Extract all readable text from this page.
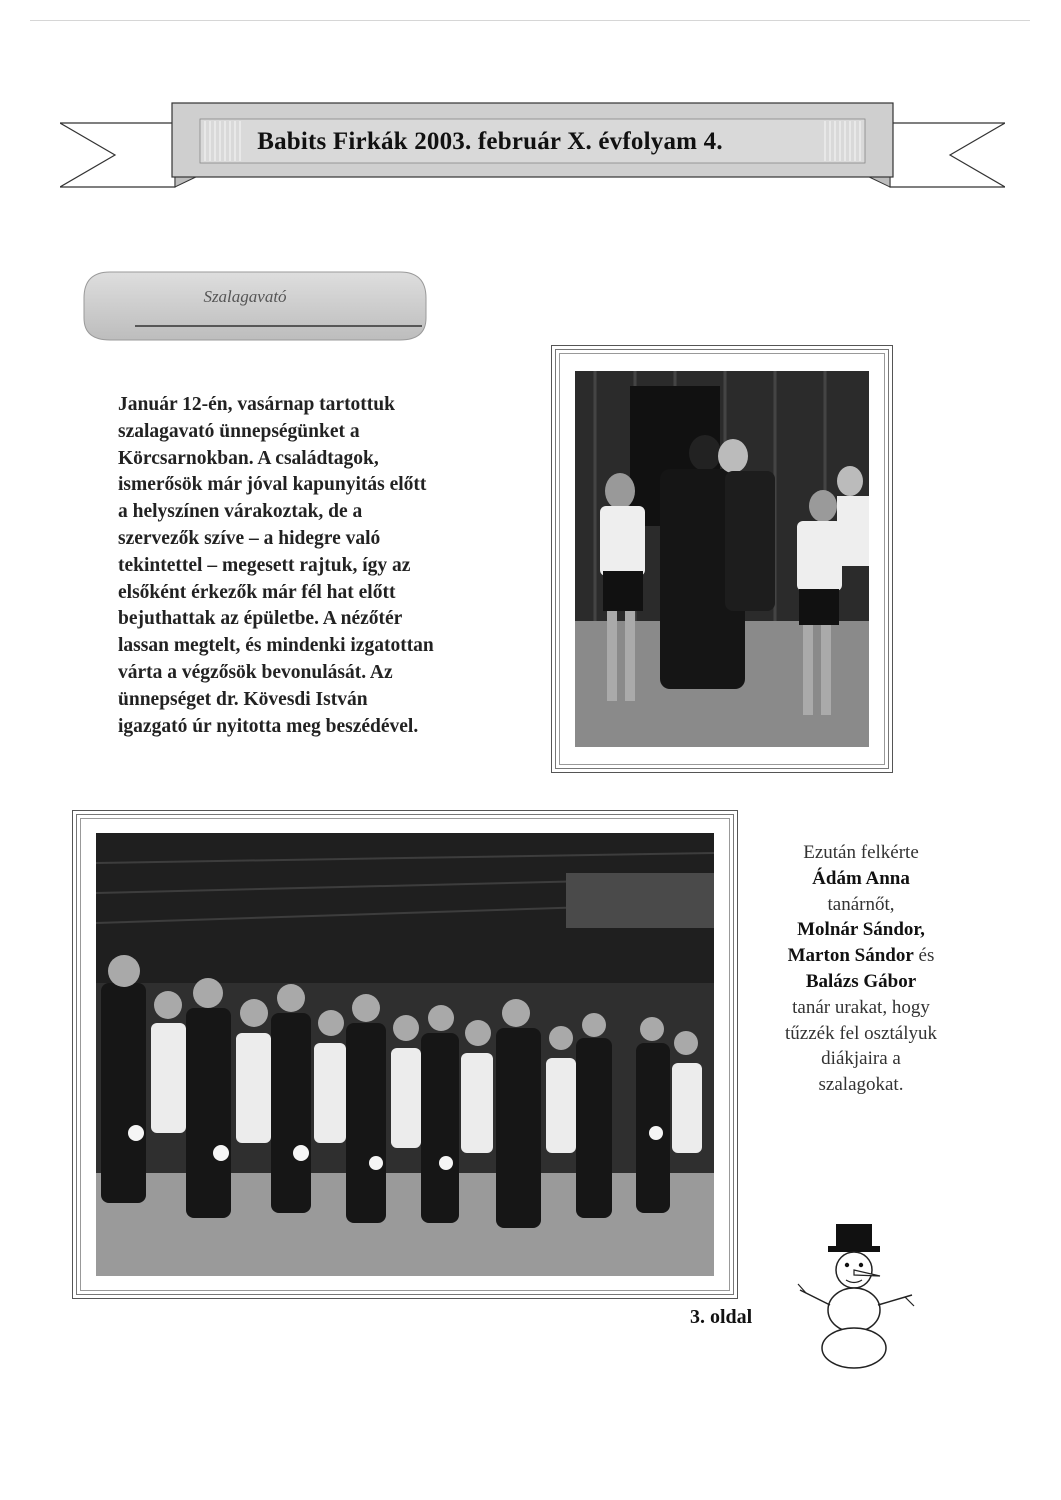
Babits Firkák 2003. február X. évfolyam 4.
Szalagavató

Január 12-én, vasárnap tartottuk
szalagavató ünnepségünket a
Körcsarnokban. A családtagok,
ismerősök már jóval kapunyitás előtt
a helyszínen várakoztak, de a
szervezők szíve – a hidegre való
tekintettel – megesett rajtuk, így az
elsőként érkezők már fél hat előtt
bejuthattak az épületbe. A nézőtér
lassan megtelt, és mindenki izgatottan
várta a végzősök bevonulását. Az
ünnepséget dr. Kövesdi István
igazgató úr nyitotta meg beszédével.

Ezután felkérte
Ádám Anna
tanárnőt,
Molnár Sándor,
Marton Sándor és
Balázs Gábor
tanár urakat, hogy
tűzzék fel osztályuk
diákjaira a
szalagokat.
3. oldal
